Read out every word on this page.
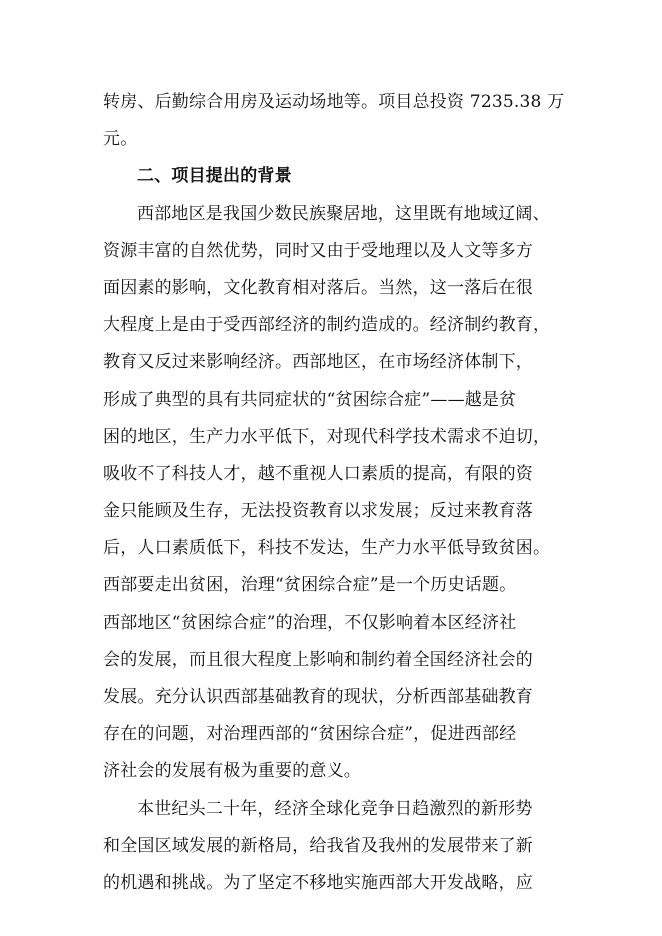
转房、后勤综合用房及运动场地等。项目总投资 7235.38 万
元。
二、项目提出的背景
西部地区是我国少数民族聚居地，这里既有地域辽阔、
资源丰富的自然优势，同时又由于受地理以及人文等多方
面因素的影响，文化教育相对落后。当然，这一落后在很
大程度上是由于受西部经济的制约造成的。经济制约教育，
教育又反过来影响经济。西部地区，在市场经济体制下，
形成了典型的具有共同症状的“贫困综合症”——越是贫
困的地区，生产力水平低下，对现代科学技术需求不迫切，
吸收不了科技人才，越不重视人口素质的提高，有限的资
金只能顾及生存，无法投资教育以求发展；反过来教育落
后，人口素质低下，科技不发达，生产力水平低导致贫困。
西部要走出贫困，治理“贫困综合症”是一个历史话题。
西部地区“贫困综合症”的治理，不仅影响着本区经济社
会的发展，而且很大程度上影响和制约着全国经济社会的
发展。充分认识西部基础教育的现状，分析西部基础教育
存在的问题，对治理西部的“贫困综合症”，促进西部经
济社会的发展有极为重要的意义。
本世纪头二十年，经济全球化竞争日趋激烈的新形势
和全国区域发展的新格局，给我省及我州的发展带来了新
的机遇和挑战。为了坚定不移地实施西部大开发战略，应
